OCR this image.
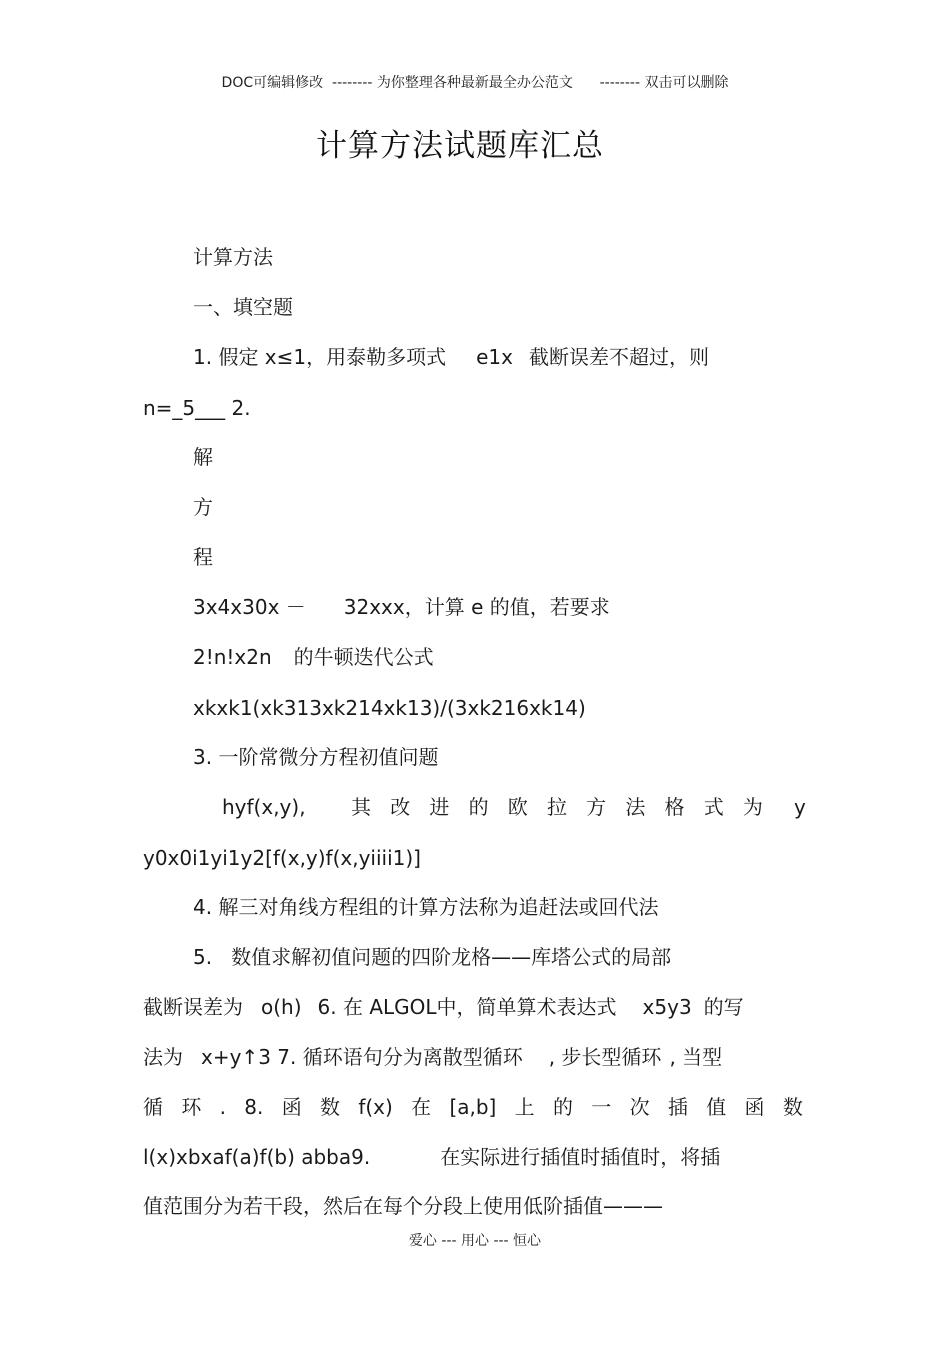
DOC可编辑修改  -------- 为你整理各种最新最全办公范文      -------- 双击可以删除
计算方法试题库汇总
计算方法
一、填空题
1. 假定 x≤1，用泰勒多项式 e1x 截断误差不超过，则
n=_5___ 2.
解
方
程
3x4x30x － 32xxx，计算 e 的值，若要求
2!n!x2n 的牛顿迭代公式
xkxk1(xk313xk214xk13)/(3xk216xk14)
3. 一阶常微分方程初值问题
hyf(x,y), 其 改 进 的 欧 拉 方 法 格 式 为 y
y0x0i1yi1y2[f(x,y)f(x,yiiii1)]
4. 解三对角线方程组的计算方法称为追赶法或回代法
5.   数值求解初值问题的四阶龙格——库塔公式的局部
截断误差为 o(h) 6. 在 ALGOL中，简单算术表达式 x5y3 的写
法为 x+y↑3 7. 循环语句分为离散型循环 , 步长型循环 , 当型
循 环 . 8. 函 数 f(x) 在 [a,b] 上 的 一 次 插 值 函 数
l(x)xbxaf(a)f(b) abba9.	在实际进行插值时插值时，将插
值范围分为若干段，然后在每个分段上使用低阶插值———
爱心 --- 用心 --- 恒心
